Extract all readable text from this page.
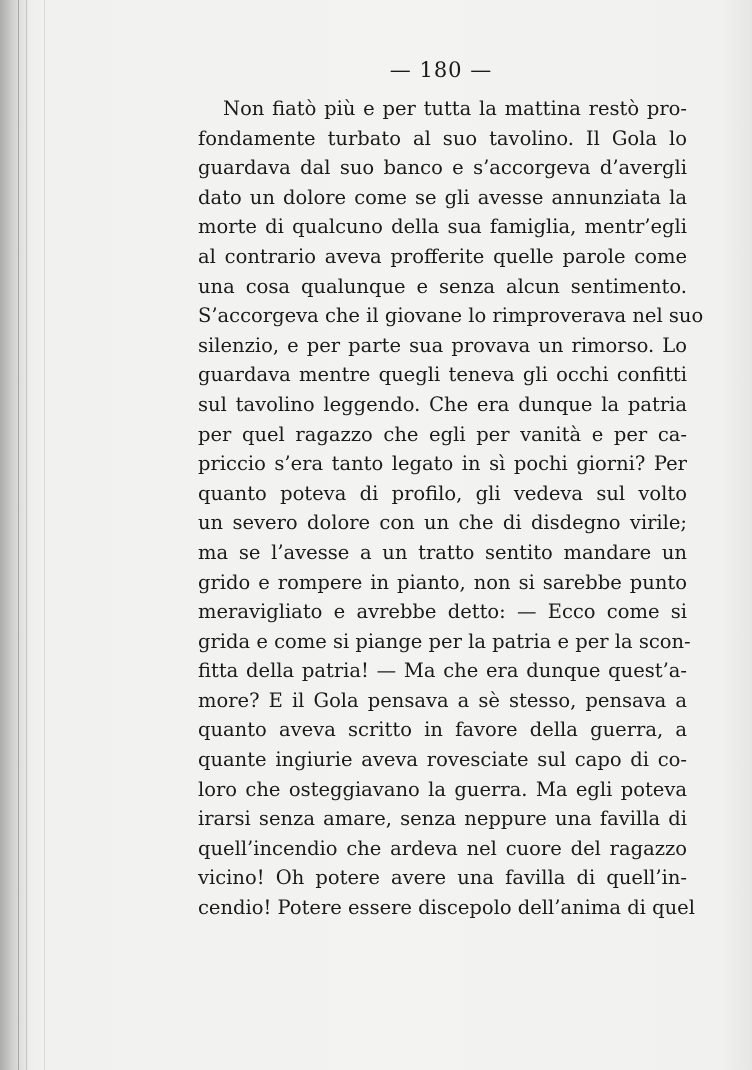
— 180 —
Non fiatò più e per tutta la mattina restò pro-
fondamente turbato al suo tavolino. Il Gola lo
guardava dal suo banco e s’accorgeva d’avergli
dato un dolore come se gli avesse annunziata la
morte di qualcuno della sua famiglia, mentr’egli
al contrario aveva profferite quelle parole come
una cosa qualunque e senza alcun sentimento.
S’accorgeva che il giovane lo rimproverava nel suo
silenzio, e per parte sua provava un rimorso. Lo
guardava mentre quegli teneva gli occhi confitti
sul tavolino leggendo. Che era dunque la patria
per quel ragazzo che egli per vanità e per ca-
priccio s’era tanto legato in sì pochi giorni? Per
quanto poteva di profilo, gli vedeva sul volto
un severo dolore con un che di disdegno virile;
ma se l’avesse a un tratto sentito mandare un
grido e rompere in pianto, non si sarebbe punto
meravigliato e avrebbe detto: — Ecco come si
grida e come si piange per la patria e per la scon-
fitta della patria! — Ma che era dunque quest’a-
more? E il Gola pensava a sè stesso, pensava a
quanto aveva scritto in favore della guerra, a
quante ingiurie aveva rovesciate sul capo di co-
loro che osteggiavano la guerra. Ma egli poteva
irarsi senza amare, senza neppure una favilla di
quell’incendio che ardeva nel cuore del ragazzo
vicino! Oh potere avere una favilla di quell’in-
cendio! Potere essere discepolo dell’anima di quel
